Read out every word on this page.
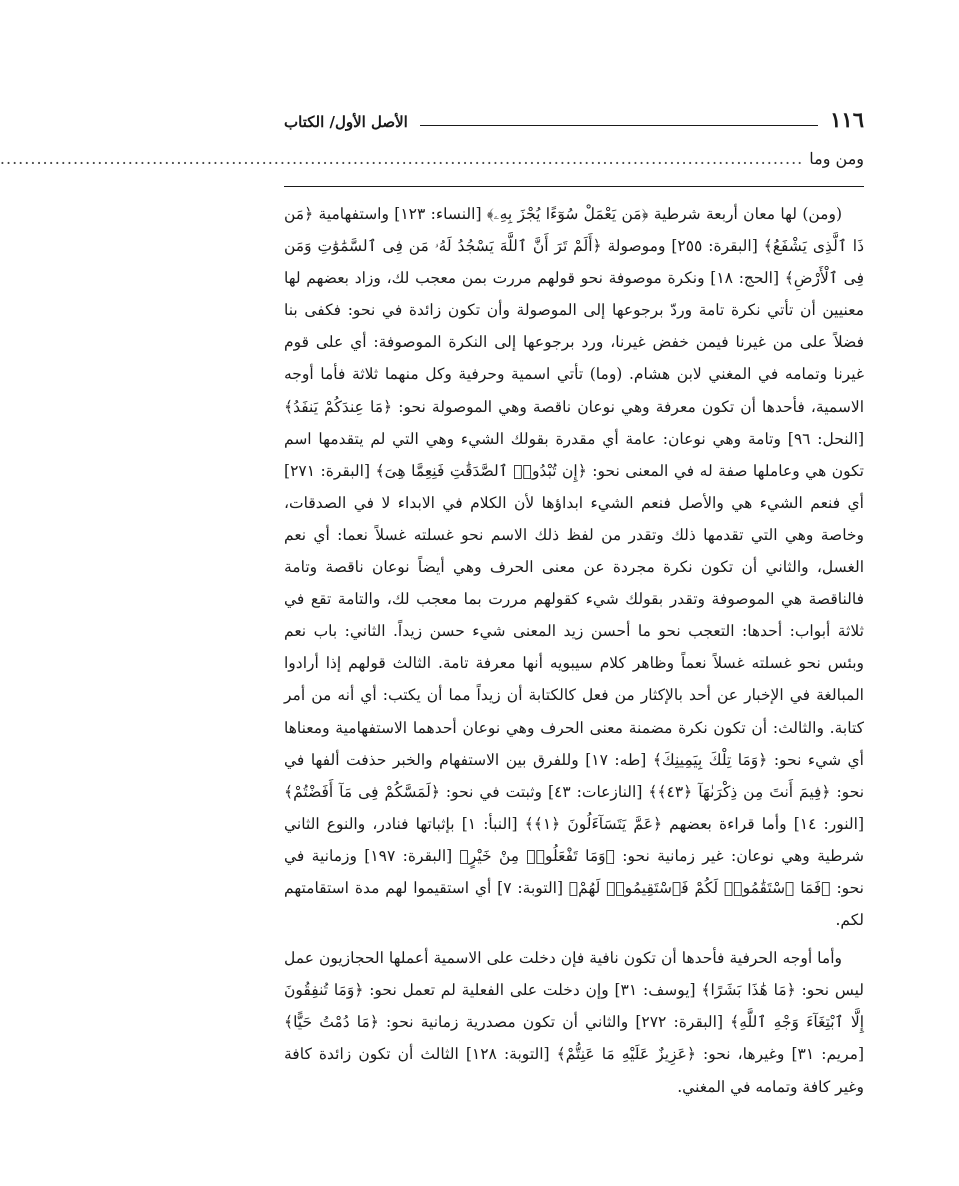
١١٦
الأصل الأول/ الكتاب
ومن وما
....................................................................................................................................

(ومن) لها معان أربعة شرطية ﴿مَن يَعْمَلْ سُوٓءًا يُجْزَ بِهِۦ﴾ [النساء: ١٢٣] واستفهامية ﴿مَن ذَا ٱلَّذِى يَشْفَعُ﴾ [البقرة: ٢٥٥] وموصولة ﴿أَلَمْ تَرَ أَنَّ ٱللَّهَ يَسْجُدُ لَهُۥ مَن فِى ٱلسَّمَٰوَٰتِ وَمَن فِى ٱلْأَرْضِ﴾ [الحج: ١٨] ونكرة موصوفة نحو قولهم مررت بمن معجب لك، وزاد بعضهم لها معنيين أن تأتي نكرة تامة وردّ برجوعها إلى الموصولة وأن تكون زائدة في نحو: فكفى بنا فضلاً على من غيرنا فيمن خفض غيرنا، ورد برجوعها إلى النكرة الموصوفة: أي على قوم غيرنا وتمامه في المغني لابن هشام. (وما) تأتي اسمية وحرفية وكل منهما ثلاثة فأما أوجه الاسمية، فأحدها أن تكون معرفة وهي نوعان ناقصة وهي الموصولة نحو: ﴿مَا عِندَكُمْ يَنفَدُ﴾ [النحل: ٩٦] وتامة وهي نوعان: عامة أي مقدرة بقولك الشيء وهي التي لم يتقدمها اسم تكون هي وعاملها صفة له في المعنى نحو: ﴿إِن تُبْدُوا۟ ٱلصَّدَقَٰتِ فَنِعِمَّا هِىَ﴾ [البقرة: ٢٧١] أي فنعم الشيء هي والأصل فنعم الشيء ابداؤها لأن الكلام في الابداء لا في الصدقات، وخاصة وهي التي تقدمها ذلك وتقدر من لفظ ذلك الاسم نحو غسلته غسلاً نعما: أي نعم الغسل، والثاني أن تكون نكرة مجردة عن معنى الحرف وهي أيضاً نوعان ناقصة وتامة فالناقصة هي الموصوفة وتقدر بقولك شيء كقولهم مررت بما معجب لك، والتامة تقع في ثلاثة أبواب: أحدها: التعجب نحو ما أحسن زيد المعنى شيء حسن زيداً. الثاني: باب نعم وبئس نحو غسلته غسلاً نعماً وظاهر كلام سيبويه أنها معرفة تامة. الثالث قولهم إذا أرادوا المبالغة في الإخبار عن أحد بالإكثار من فعل كالكتابة أن زيداً مما أن يكتب: أي أنه من أمر كتابة. والثالث: أن تكون نكرة مضمنة معنى الحرف وهي نوعان أحدهما الاستفهامية ومعناها أي شيء نحو: ﴿وَمَا تِلْكَ بِيَمِينِكَ﴾ [طه: ١٧] وللفرق بين الاستفهام والخبر حذفت ألفها في نحو: ﴿فِيمَ أَنتَ مِن ذِكْرَىٰهَآ ﴿٤٣﴾﴾ [النازعات: ٤٣] وثبتت في نحو: ﴿لَمَسَّكُمْ فِى مَآ أَفَضْتُمْ﴾ [النور: ١٤] وأما قراءة بعضهم ﴿عَمَّ يَتَسَآءَلُونَ ﴿١﴾﴾ [النبأ: ١] بإثباتها فنادر، والنوع الثاني شرطية وهي نوعان: غير زمانية نحو: ﴿وَمَا تَفْعَلُوا۟ مِنْ خَيْرٍ﴾ [البقرة: ١٩٧] وزمانية في نحو: ﴿فَمَا ٱسْتَقَٰمُوا۟ لَكُمْ فَٱسْتَقِيمُوا۟ لَهُمْ﴾ [التوبة: ٧] أي استقيموا لهم مدة استقامتهم لكم.

وأما أوجه الحرفية فأحدها أن تكون نافية فإن دخلت على الاسمية أعملها الحجازيون عمل ليس نحو: ﴿مَا هَٰذَا بَشَرًا﴾ [يوسف: ٣١] وإن دخلت على الفعلية لم تعمل نحو: ﴿وَمَا تُنفِقُونَ إِلَّا ٱبْتِغَآءَ وَجْهِ ٱللَّهِ﴾ [البقرة: ٢٧٢] والثاني أن تكون مصدرية زمانية نحو: ﴿مَا دُمْتُ حَيًّا﴾ [مريم: ٣١] وغيرها، نحو: ﴿عَزِيزٌ عَلَيْهِ مَا عَنِتُّمْ﴾ [التوبة: ١٢٨] الثالث أن تكون زائدة كافة وغير كافة وتمامه في المغني.
